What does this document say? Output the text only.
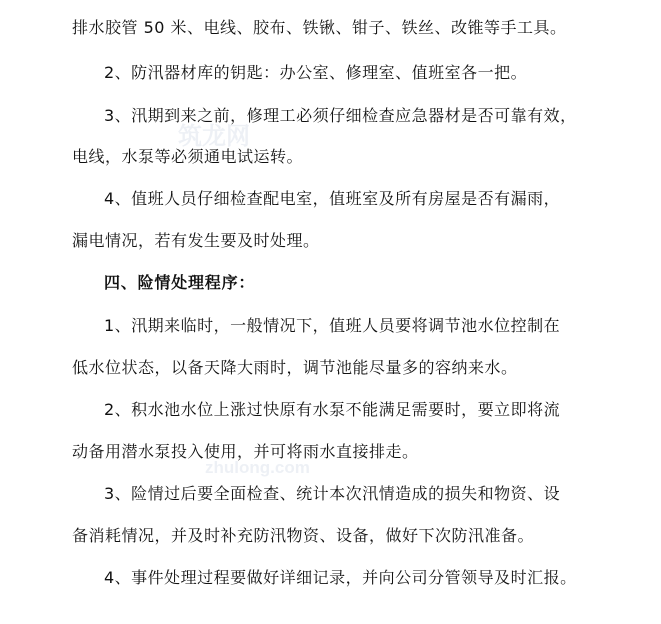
筑龙网
zhulong.com
排水胶管 50 米、电线、胶布、铁锹、钳子、铁丝、改锥等手工具。
2、防汛器材库的钥匙：办公室、修理室、值班室各一把。
3、汛期到来之前，修理工必须仔细检查应急器材是否可靠有效，
电线，水泵等必须通电试运转。
4、值班人员仔细检查配电室，值班室及所有房屋是否有漏雨，
漏电情况，若有发生要及时处理。
四、险情处理程序：
1、汛期来临时，一般情况下，值班人员要将调节池水位控制在
低水位状态，以备天降大雨时，调节池能尽量多的容纳来水。
2、积水池水位上涨过快原有水泵不能满足需要时，要立即将流
动备用潜水泵投入使用，并可将雨水直接排走。
3、险情过后要全面检查、统计本次汛情造成的损失和物资、设
备消耗情况，并及时补充防汛物资、设备，做好下次防汛准备。
4、事件处理过程要做好详细记录，并向公司分管领导及时汇报。
